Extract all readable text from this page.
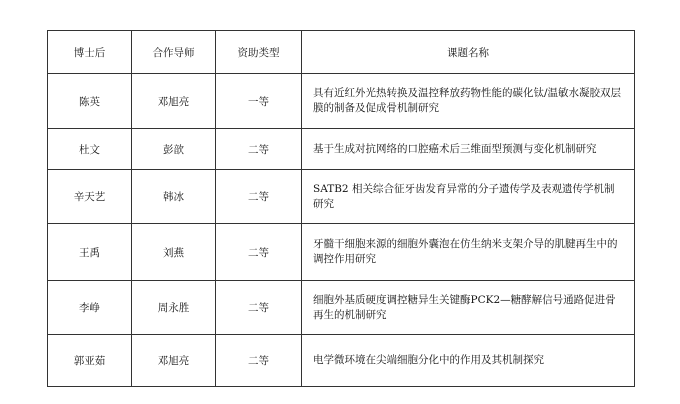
博士后	合作导师	资助类型	课题名称
陈英	邓旭亮	一等	具有近红外光热转换及温控释放药物性能的碳化钛/温敏水凝胶双层膜的制备及促成骨机制研究
杜文	彭歆	二等	基于生成对抗网络的口腔癌术后三维面型预测与变化机制研究
辛天艺	韩冰	二等	SATB2 相关综合征牙齿发育异常的分子遗传学及表观遗传学机制研究
王禹	刘燕	二等	牙髓干细胞来源的细胞外囊泡在仿生纳米支架介导的肌腱再生中的调控作用研究
李峥	周永胜	二等	细胞外基质硬度调控糖异生关键酶PCK2—糖酵解信号通路促进骨再生的机制研究
郭亚茹	邓旭亮	二等	电学微环境在尖端细胞分化中的作用及其机制探究
